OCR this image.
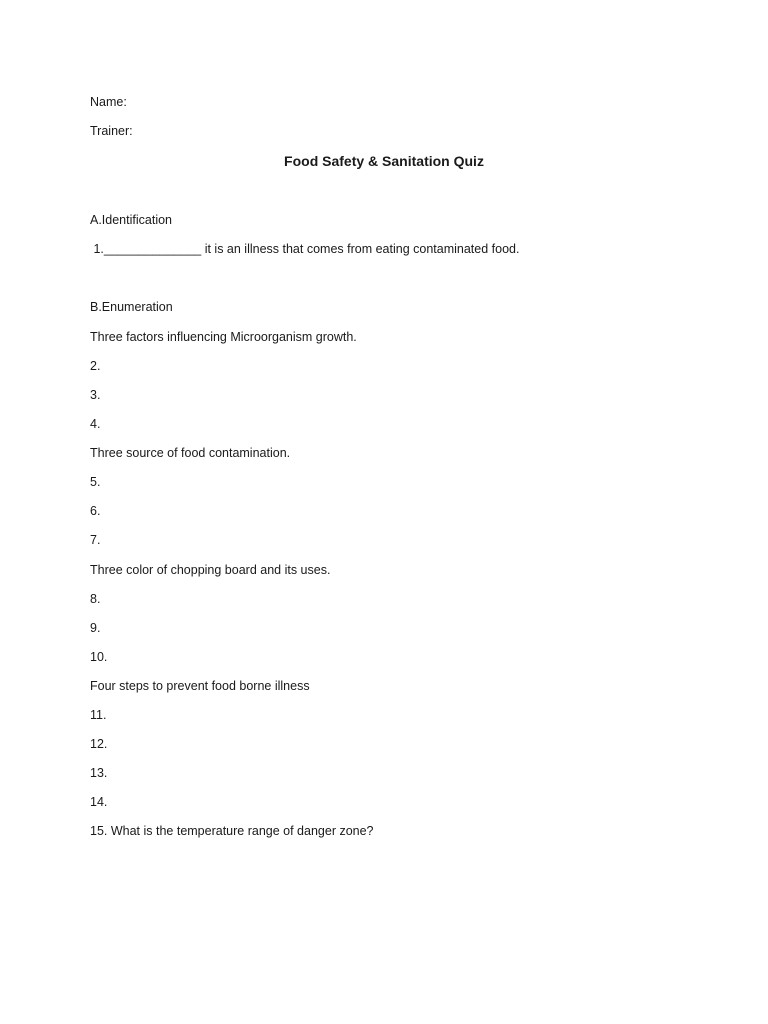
Name:
Trainer:
Food Safety & Sanitation Quiz
A.Identification
1.______________ it is an illness that comes from eating contaminated food.
B.Enumeration
Three factors influencing Microorganism growth.
2.
3.
4.
Three source of food contamination.
5.
6.
7.
Three color of chopping board and its uses.
8.
9.
10.
Four steps to prevent food borne illness
11.
12.
13.
14.
15. What is the temperature range of danger zone?
